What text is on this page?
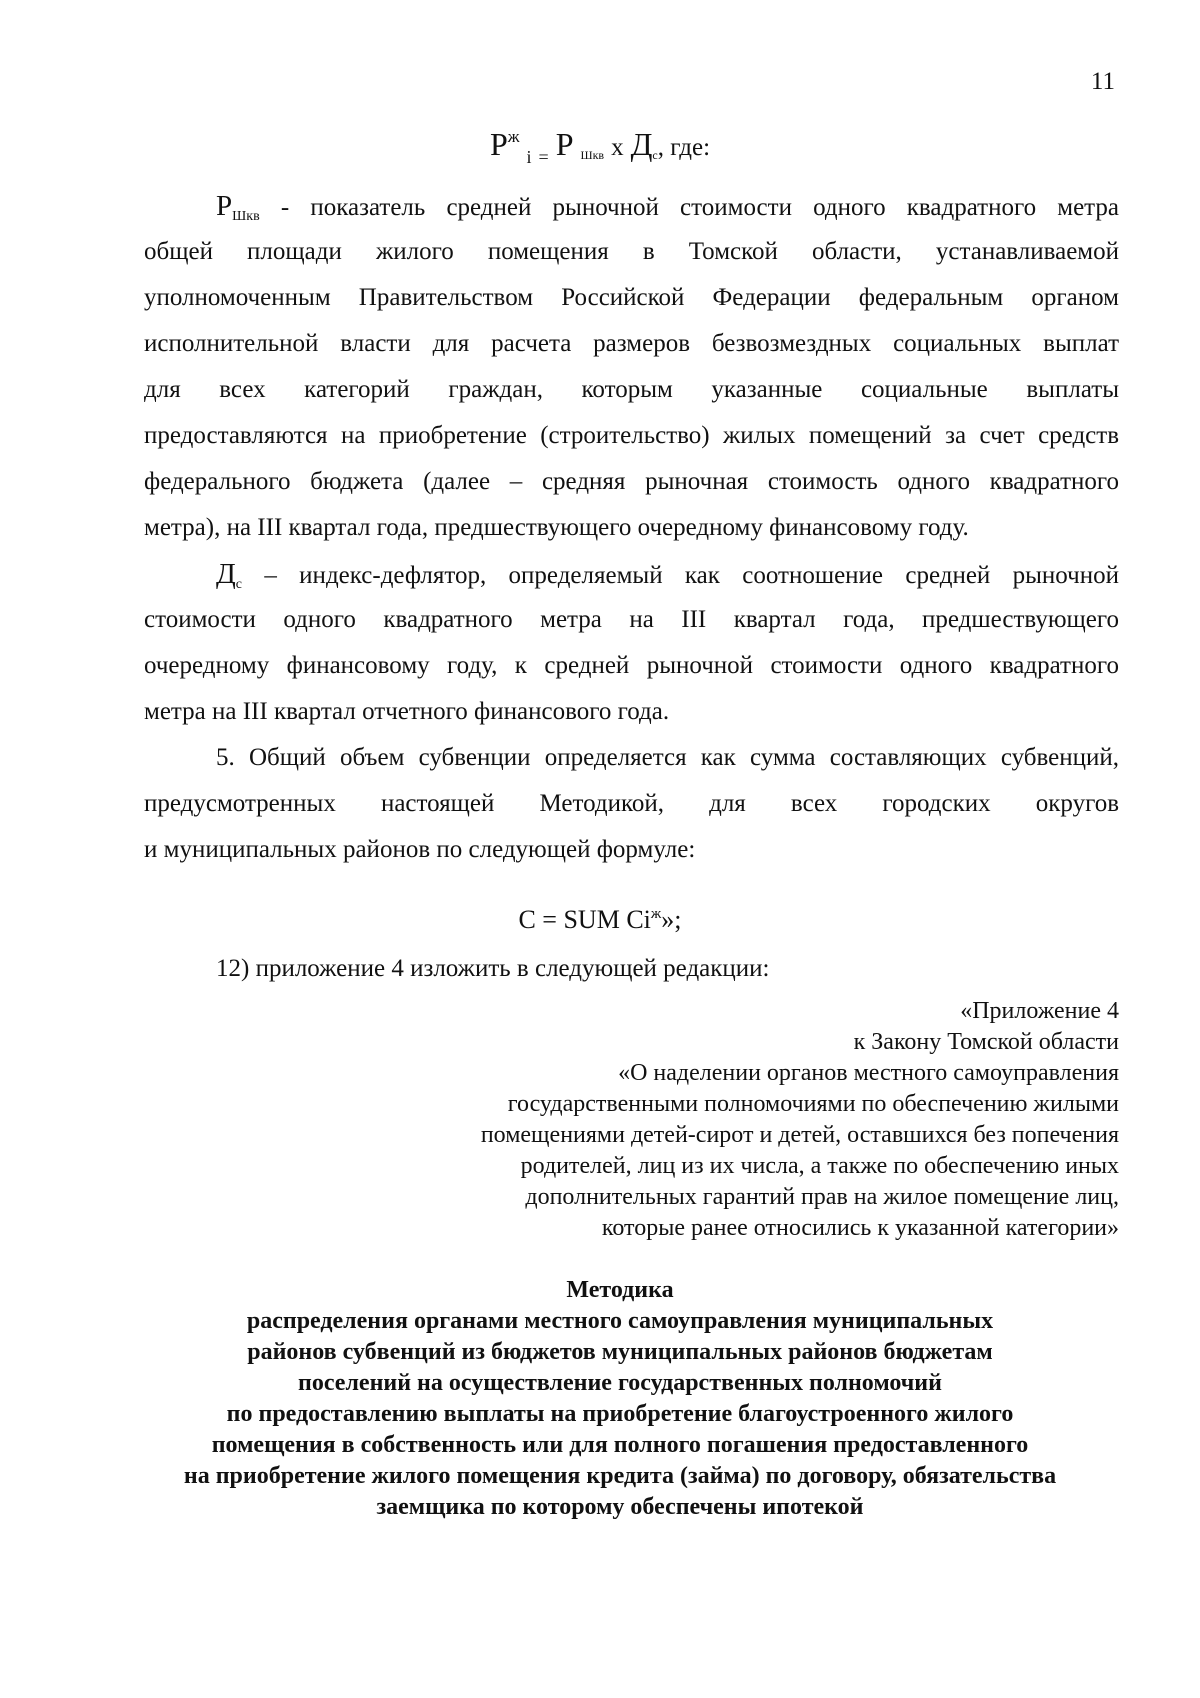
11
$Р^ж$ $_i$ $_=$ Р Шкв х Дс, где:
$Р_{Шкв}$ - показатель средней рыночной стоимости одного квадратного метра
общей площади жилого помещения в Томской области, устанавливаемой
уполномоченным Правительством Российской Федерации федеральным органом
исполнительной власти для расчета размеров безвозмездных социальных выплат
для всех категорий граждан, которым указанные социальные выплаты
предоставляются на приобретение (строительство) жилых помещений за счет средств
федерального бюджета (далее – средняя рыночная стоимость одного квадратного
метра), на III квартал года, предшествующего очередному финансовому году.
$Д_с$ – индекс-дефлятор, определяемый как соотношение средней рыночной
стоимости одного квадратного метра на III квартал года, предшествующего
очередному финансовому году, к средней рыночной стоимости одного квадратного
метра на III квартал отчетного финансового года.
5. Общий объем субвенции определяется как сумма составляющих субвенций,
предусмотренных настоящей Методикой, для всех городских округов
и муниципальных районов по следующей формуле:
С = SUM $Сi^ж$»;
12) приложение 4 изложить в следующей редакции:
«Приложение 4
к Закону Томской области
«О наделении органов местного самоуправления
государственными полномочиями по обеспечению жилыми
помещениями детей-сирот и детей, оставшихся без попечения
родителей, лиц из их числа, а также по обеспечению иных
дополнительных гарантий прав на жилое помещение лиц,
которые ранее относились к указанной категории»
Методика
распределения органами местного самоуправления муниципальных
районов субвенций из бюджетов муниципальных районов бюджетам
поселений на осуществление государственных полномочий
по предоставлению выплаты на приобретение благоустроенного жилого
помещения в собственность или для полного погашения предоставленного
на приобретение жилого помещения кредита (займа) по договору, обязательства
заемщика по которому обеспечены ипотекой
